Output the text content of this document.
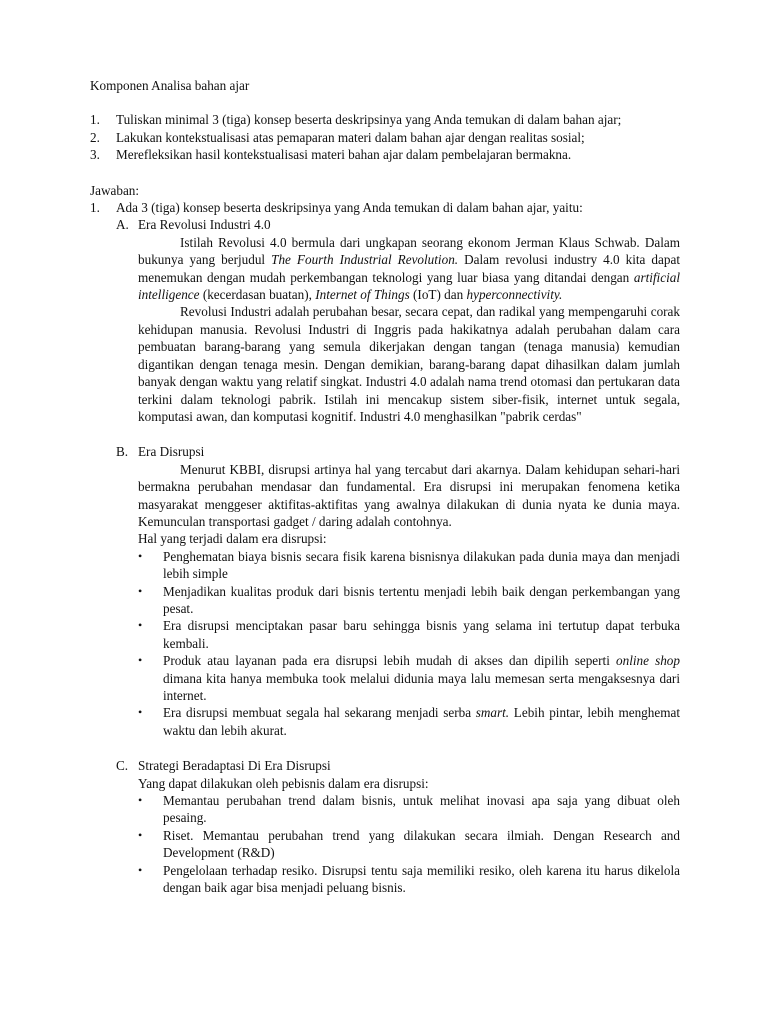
Komponen Analisa bahan ajar

1.	Tuliskan minimal 3 (tiga) konsep beserta deskripsinya yang Anda temukan di dalam bahan ajar;
2.	Lakukan kontekstualisasi atas pemaparan materi dalam bahan ajar dengan realitas sosial;
3.	Merefleksikan hasil kontekstualisasi materi bahan ajar dalam pembelajaran bermakna.

Jawaban:

1.	Ada 3 (tiga) konsep beserta deskripsinya yang Anda temukan di dalam bahan ajar, yaitu:
A. Era Revolusi Industri 4.0

Istilah Revolusi 4.0 bermula dari ungkapan seorang ekonom Jerman Klaus Schwab. Dalam bukunya yang berjudul The Fourth Industrial Revolution. Dalam revolusi industry 4.0 kita dapat menemukan dengan mudah perkembangan teknologi yang luar biasa yang ditandai dengan artificial intelligence (kecerdasan buatan), Internet of Things (IoT) dan hyperconnectivity.

Revolusi Industri adalah perubahan besar, secara cepat, dan radikal yang mempengaruhi corak kehidupan manusia. Revolusi Industri di Inggris pada hakikatnya adalah perubahan dalam cara pembuatan barang-barang yang semula dikerjakan dengan tangan (tenaga manusia) kemudian digantikan dengan tenaga mesin. Dengan demikian, barang-barang dapat dihasilkan dalam jumlah banyak dengan waktu yang relatif singkat. Industri 4.0 adalah nama trend otomasi dan pertukaran data terkini dalam teknologi pabrik. Istilah ini mencakup sistem siber-fisik, internet untuk segala, komputasi awan, dan komputasi kognitif. Industri 4.0 menghasilkan "pabrik cerdas"

B. Era Disrupsi

Menurut KBBI, disrupsi artinya hal yang tercabut dari akarnya. Dalam kehidupan sehari-hari bermakna perubahan mendasar dan fundamental. Era disrupsi ini merupakan fenomena ketika masyarakat menggeser aktifitas-aktifitas yang awalnya dilakukan di dunia nyata ke dunia maya. Kemunculan transportasi gadget / daring adalah contohnya.

Hal yang terjadi dalam era disrupsi:

•	Penghematan biaya bisnis secara fisik karena bisnisnya dilakukan pada dunia maya dan menjadi lebih simple
•	Menjadikan kualitas produk dari bisnis tertentu menjadi lebih baik dengan perkembangan yang pesat.
•	Era disrupsi menciptakan pasar baru sehingga bisnis yang selama ini tertutup dapat terbuka kembali.
•	Produk atau layanan pada era disrupsi lebih mudah di akses dan dipilih seperti online shop dimana kita hanya membuka took melalui didunia maya lalu memesan serta mengaksesnya dari internet.
•	Era disrupsi membuat segala hal sekarang menjadi serba smart. Lebih pintar, lebih menghemat waktu dan lebih akurat.
C. Strategi Beradaptasi Di Era Disrupsi

Yang dapat dilakukan oleh pebisnis dalam era disrupsi:

•	Memantau perubahan trend dalam bisnis, untuk melihat inovasi apa saja yang dibuat oleh pesaing.
•	Riset. Memantau perubahan trend yang dilakukan secara ilmiah. Dengan Research and Development (R&D)
•	Pengelolaan terhadap resiko. Disrupsi tentu saja memiliki resiko, oleh karena itu harus dikelola dengan baik agar bisa menjadi peluang bisnis.
